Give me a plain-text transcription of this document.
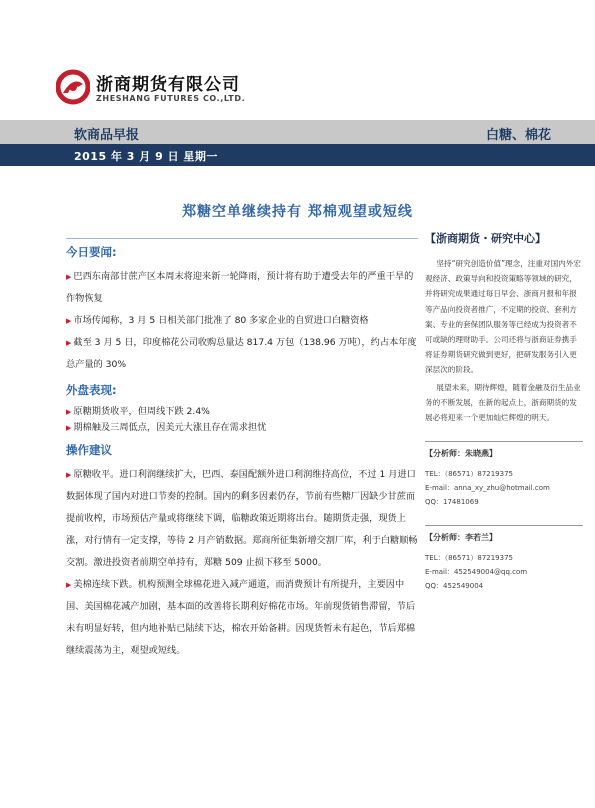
浙商期货有限公司
ZHESHANG FUTURES CO.,LTD.
软商品早报	白糖、棉花
2015 年 3 月 9 日 星期一
郑糖空单继续持有 郑棉观望或短线
今日要闻:
▶ 巴西东南部甘蔗产区本周末将迎来新一轮降雨，预计将有助于遭受去年的严重干旱的作物恢复
▶ 市场传闻称，3 月 5 日相关部门批准了 80 多家企业的自贸进口白糖资格
▶ 截至 3 月 5 日，印度棉花公司收购总量达 817.4 万包（138.96 万吨），约占本年度总产量的 30%
外盘表现:
▶ 原糖期货收平，但周线下跌 2.4%
▶ 期棉触及三周低点，因美元大涨且存在需求担忧
操作建议
▶ 原糖收平。进口利润继续扩大，巴西、泰国配额外进口利润维持高位，不过 1 月进口数据体现了国内对进口节奏的控制。国内的剩多因素仍存，节前有些糖厂因缺少甘蔗而提前收榨，市场预估产量或将继续下调，临糖政策近期将出台。随期货走强，现货上涨，对行情有一定支撑，等待 2 月产销数据。郑商所征集新增交割厂库，利于白糖顺畅交割。激进投资者前期空单持有，郑糖 509 止损下移至 5000。
▶ 美棉连续下跌。机构预测全球棉花进入减产通道，而消费预计有所提升，主要因中国、美国棉花减产加剧，基本面的改善将长期利好棉花市场。年前现货销售滞留，节后未有明显好转，但内地补贴已陆续下达，棉农开始备耕。因现货暂未有起色，节后郑棉继续震荡为主，观望或短线。
【浙商期货・研究中心】
坚持“研究创造价值”理念，注重对国内外宏观经济、政策导向和投资策略等领域的研究，并将研究成果通过每日早会、浙商月报和年报等产品向投资者推广，不定期的投资、套利方案、专业的套保团队服务等已经成为投资者不可或缺的理财助手。公司还将与浙商证券携手将证券期货研究做到更好，把研发服务引入更深层次的阶段。
展望未来，期待辉煌，随着金融及衍生品业务的不断发展，在新的起点上，浙商期货的发展必将迎来一个更加灿烂辉煌的明天。
【分析师：朱晓燕】
TEL：（86571）87219375
E-mail：anna_xy_zhu@hotmail.com
QQ：17481069
【分析师：李若兰】
TEL：（86571）87219375
E-mail：452549004@qq.com
QQ：452549004
